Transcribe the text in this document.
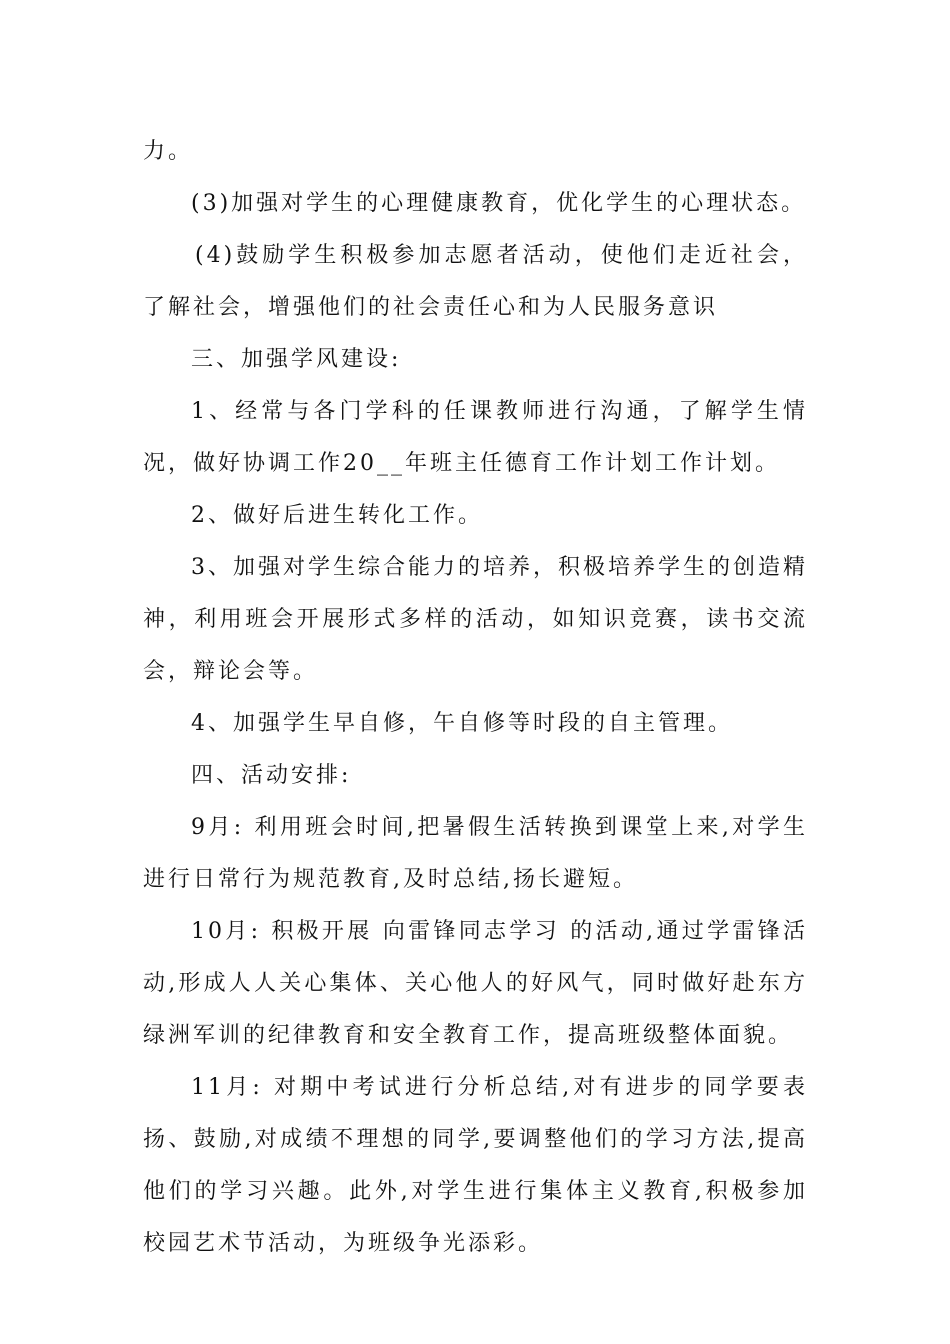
力。

(3)加强对学生的心理健康教育，优化学生的心理状态。

(4)鼓励学生积极参加志愿者活动，使他们走近社会，了解社会，增强他们的社会责任心和为人民服务意识

三、加强学风建设:

1、经常与各门学科的任课教师进行沟通，了解学生情况，做好协调工作20__年班主任德育工作计划工作计划。

2、做好后进生转化工作。

3、加强对学生综合能力的培养，积极培养学生的创造精神，利用班会开展形式多样的活动，如知识竞赛，读书交流会，辩论会等。

4、加强学生早自修，午自修等时段的自主管理。

四、活动安排:

9月: 利用班会时间,把暑假生活转换到课堂上来,对学生进行日常行为规范教育,及时总结,扬长避短。

10月: 积极开展 向雷锋同志学习 的活动,通过学雷锋活动,形成人人关心集体、关心他人的好风气，同时做好赴东方绿洲军训的纪律教育和安全教育工作，提高班级整体面貌。

11月: 对期中考试进行分析总结,对有进步的同学要表扬、鼓励,对成绩不理想的同学,要调整他们的学习方法,提高他们的学习兴趣。此外,对学生进行集体主义教育,积极参加校园艺术节活动，为班级争光添彩。
